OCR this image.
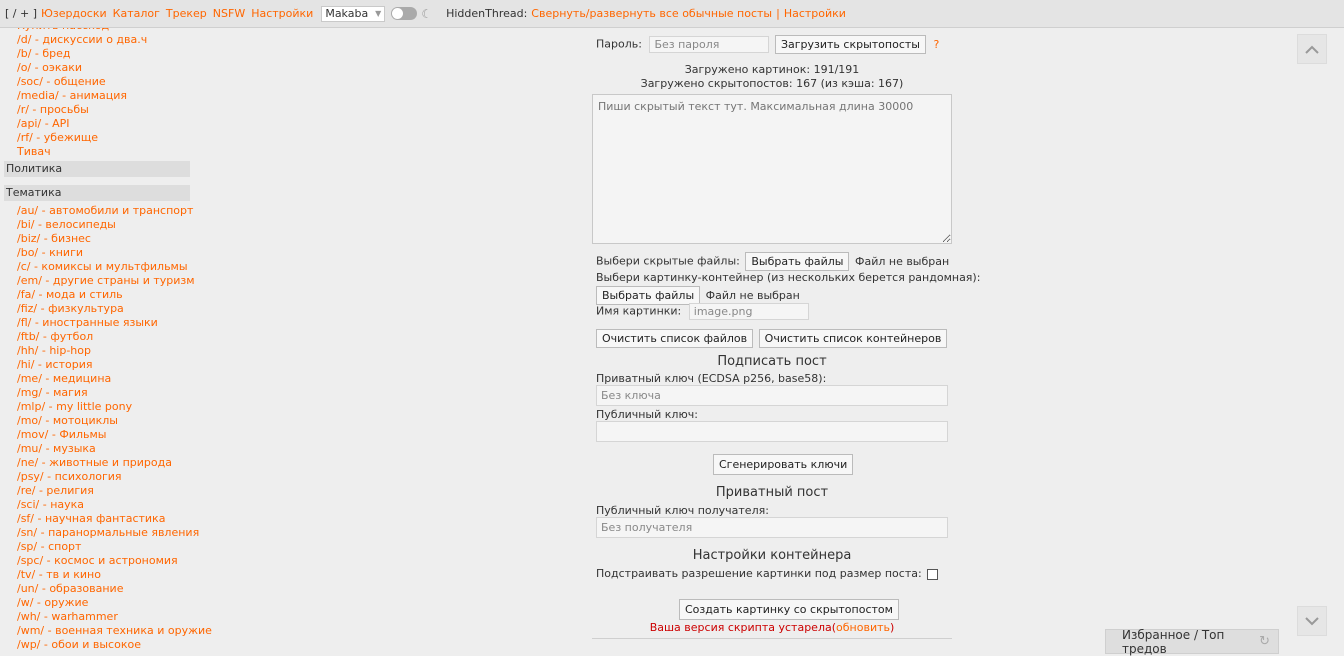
[ / + ] Юзердоски Каталог Трекер NSFW Настройки Makaba ▼	☾ HiddenThread: Свернуть/развернуть все обычные посты | Настройки
/d/ - дискуссии о два.ч
/b/ - бред
/o/ - оэкаки
/soc/ - общение
/media/ - анимация
/r/ - просьбы
/api/ - API
/rf/ - убежище
Тивач
Политика
Тематика
/au/ - автомобили и транспорт
/bi/ - велосипеды
/biz/ - бизнес
/bo/ - книги
/c/ - комиксы и мультфильмы
/em/ - другие страны и туризм
/fa/ - мода и стиль
/fiz/ - физкультура
/fl/ - иностранные языки
/ftb/ - футбол
/hh/ - hip-hop
/hi/ - история
/me/ - медицина
/mg/ - магия
/mlp/ - my little pony
/mo/ - мотоциклы
/mov/ - Фильмы
/mu/ - музыка
/ne/ - животные и природа
/psy/ - психология
/re/ - религия
/sci/ - наука
/sf/ - научная фантастика
/sn/ - паранормальные явления
/sp/ - спорт
/spc/ - космос и астрономия
/tv/ - тв и кино
/un/ - образование
/w/ - оружие
/wh/ - warhammer
/wm/ - военная техника и оружие
/wp/ - обои и высокое
Пароль: Без пароля	Загрузить скрытопосты ?
Загружено картинок: 191/191
Загружено скрытопостов: 167 (из кэша: 167)
Пиши скрытый текст тут. Максимальная длина 30000
Выбери скрытые файлы: Выбрать файлы Файл не выбран
Выбери картинку-контейнер (из нескольких берется рандомная):
Выбрать файлы Файл не выбран
Имя картинки: image.png
Очистить список файлов Очистить список контейнеров
Подписать пост
Приватный ключ (ECDSA p256, base58):
Без ключа
Публичный ключ:
Сгенерировать ключи
Приватный пост
Публичный ключ получателя:
Без получателя
Настройки контейнера
Подстраивать разрешение картинки под размер поста:
Создать картинку со скрытопостом
Ваша версия скрипта устарела(обновить)	Избранное / Топ тредов	↻
